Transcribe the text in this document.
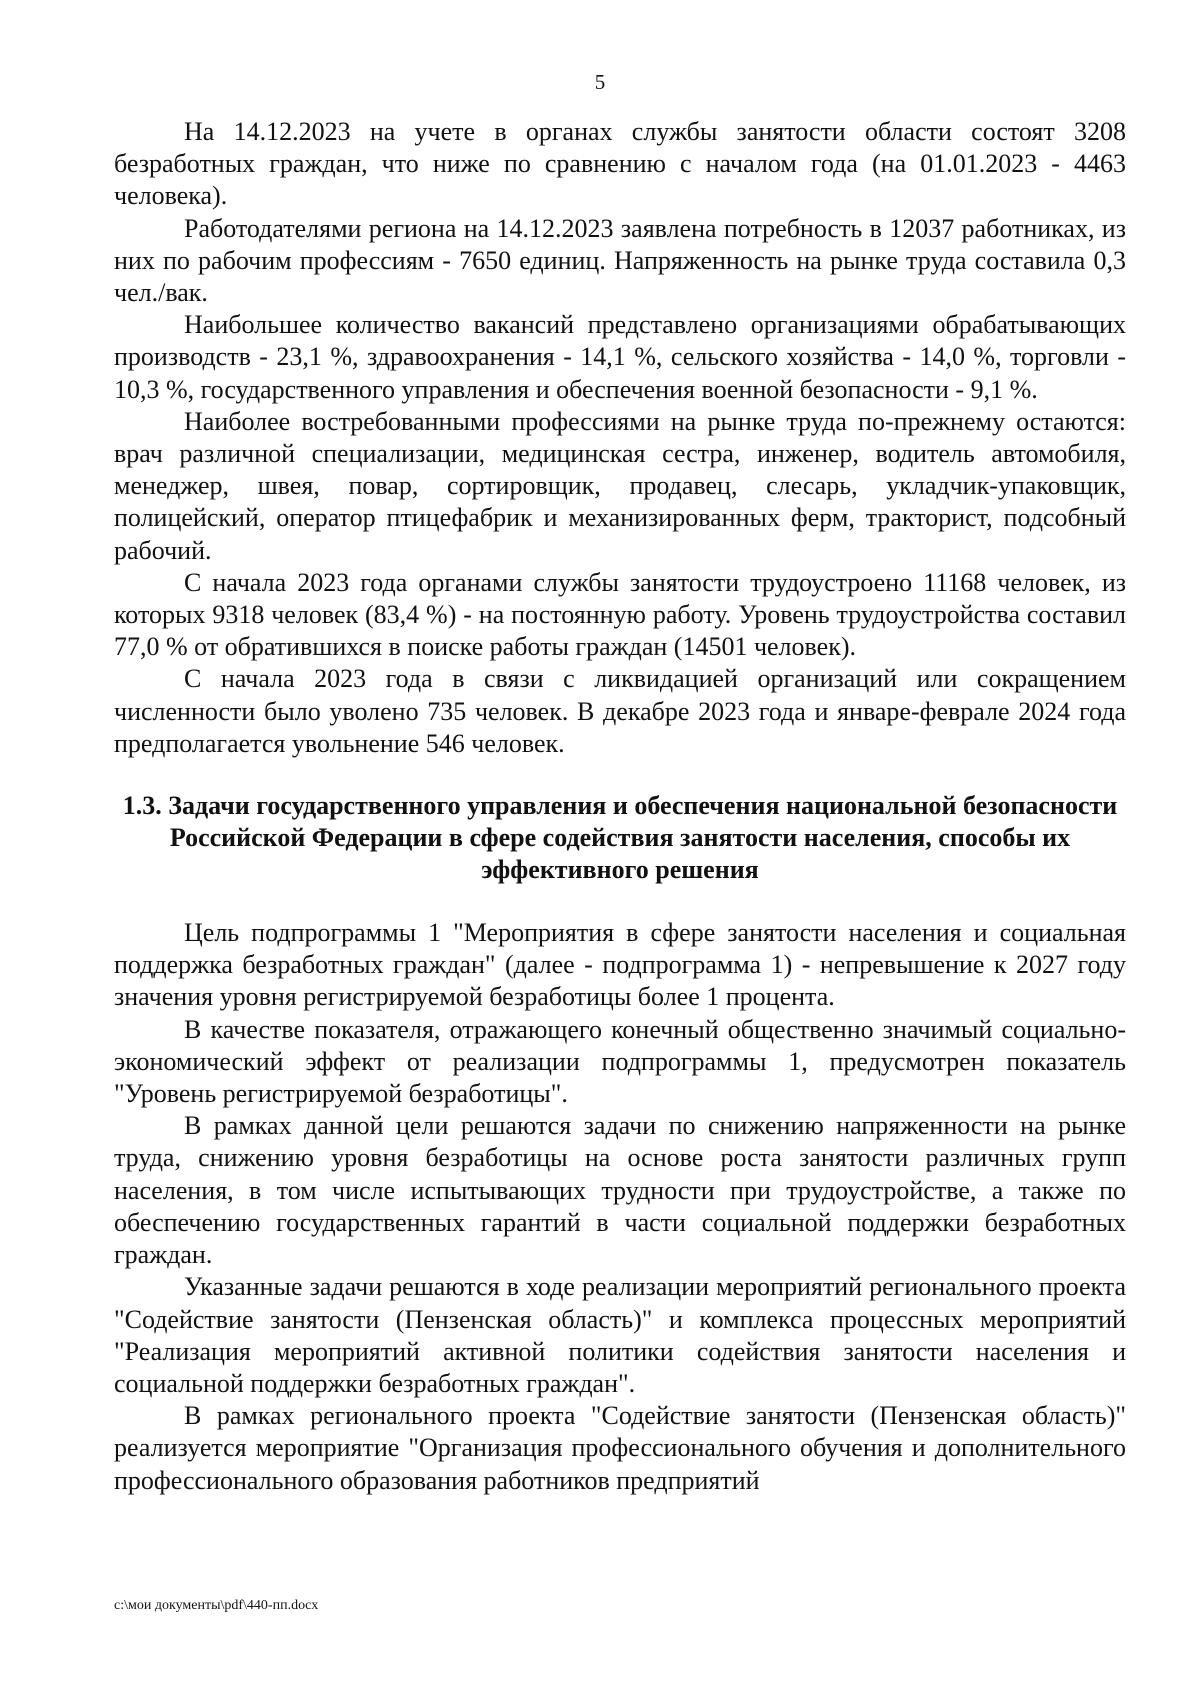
5

На 14.12.2023 на учете в органах службы занятости области состоят 3208 безработных граждан, что ниже по сравнению с началом года (на 01.01.2023 - 4463 человека).

Работодателями региона на 14.12.2023 заявлена потребность в 12037 работниках, из них по рабочим профессиям - 7650 единиц. Напряженность на рынке труда составила 0,3 чел./вак.

Наибольшее количество вакансий представлено организациями обрабатывающих производств - 23,1 %, здравоохранения - 14,1 %, сельского хозяйства - 14,0 %, торговли - 10,3 %, государственного управления и обеспечения военной безопасности - 9,1 %.

Наиболее востребованными профессиями на рынке труда по-прежнему остаются: врач различной специализации, медицинская сестра, инженер, водитель автомобиля, менеджер, швея, повар, сортировщик, продавец, слесарь, укладчик-упаковщик, полицейский, оператор птицефабрик и механизированных ферм, тракторист, подсобный рабочий.

С начала 2023 года органами службы занятости трудоустроено 11168 человек, из которых 9318 человек (83,4 %) - на постоянную работу. Уровень трудоустройства составил 77,0 % от обратившихся в поиске работы граждан (14501 человек).

С начала 2023 года в связи с ликвидацией организаций или сокращением численности было уволено 735 человек. В декабре 2023 года и январе-феврале 2024 года предполагается увольнение 546 человек.

1.3. Задачи государственного управления и обеспечения национальной безопасности Российской Федерации в сфере содействия занятости населения, способы их эффективного решения

Цель подпрограммы 1 "Мероприятия в сфере занятости населения и социальная поддержка безработных граждан" (далее - подпрограмма 1) - непревышение к 2027 году значения уровня регистрируемой безработицы более 1 процента.

В качестве показателя, отражающего конечный общественно значимый социально-экономический эффект от реализации подпрограммы 1, предусмотрен показатель "Уровень регистрируемой безработицы".

В рамках данной цели решаются задачи по снижению напряженности на рынке труда, снижению уровня безработицы на основе роста занятости различных групп населения, в том числе испытывающих трудности при трудоустройстве, а также по обеспечению государственных гарантий в части социальной поддержки безработных граждан.

Указанные задачи решаются в ходе реализации мероприятий регионального проекта "Содействие занятости (Пензенская область)" и комплекса процессных мероприятий "Реализация мероприятий активной политики содействия занятости населения и социальной поддержки безработных граждан".

В рамках регионального проекта "Содействие занятости (Пензенская область)" реализуется мероприятие "Организация профессионального обучения и дополнительного профессионального образования работников предприятий

c:\мои документы\pdf\440-пп.docx
